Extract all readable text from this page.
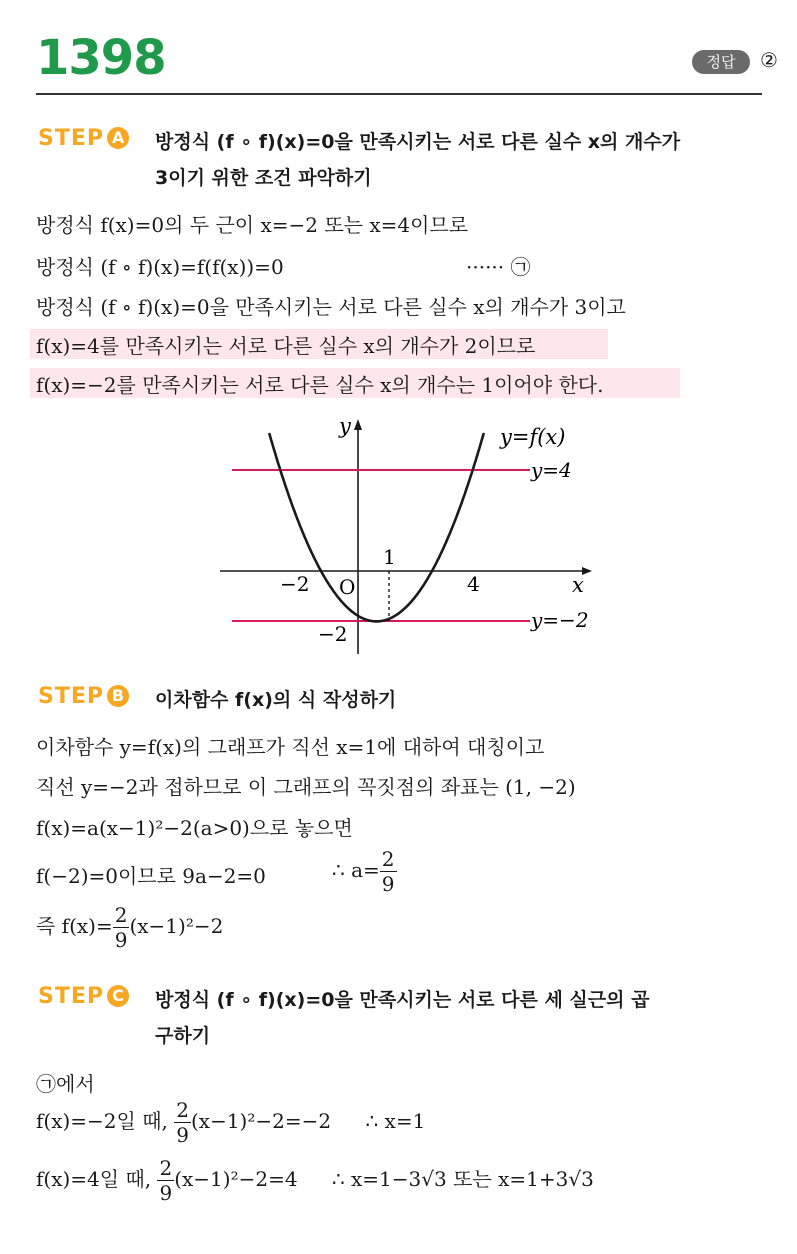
1398	정답	②
STEP A 방정식 (f ∘ f)(x)=0을 만족시키는 서로 다른 실수 x의 개수가
3이기 위한 조건 파악하기
방정식 f(x)=0의 두 근이 x=−2 또는 x=4이므로
방정식 (f ∘ f)(x)=f(f(x))=0	······ ㉠
방정식 (f ∘ f)(x)=0을 만족시키는 서로 다른 실수 x의 개수가 3이고
f(x)=4를 만족시키는 서로 다른 실수 x의 개수가 2이므로
f(x)=−2를 만족시키는 서로 다른 실수 x의 개수는 1이어야 한다.
y
x
O
y=f(x)
y=4
y=−2
−2	4
1
−2
STEP B 이차함수 f(x)의 식 작성하기
이차함수 y=f(x)의 그래프가 직선 x=1에 대하여 대칭이고
직선 y=−2과 접하므로 이 그래프의 꼭짓점의 좌표는 (1, −2)
f(x)=a(x−1)²−2(a>0)으로 놓으면
f(−2)=0이므로 9a−2=0	∴ $a= \frac{2}{9}$
즉 $f(x)= \frac{2}{9} (x-1)^2-2$
STEP C 방정식 (f ∘ f)(x)=0을 만족시키는 서로 다른 세 실근의 곱
구하기
㉠에서
f(x)=−2일 때, $\frac{2}{9} (x-1)^2-2=-2$ ∴ x=1
f(x)=4일 때, $\frac{2}{9} (x-1)^2-2=4$ ∴ x=1−3√3 또는 x=1+3√3
